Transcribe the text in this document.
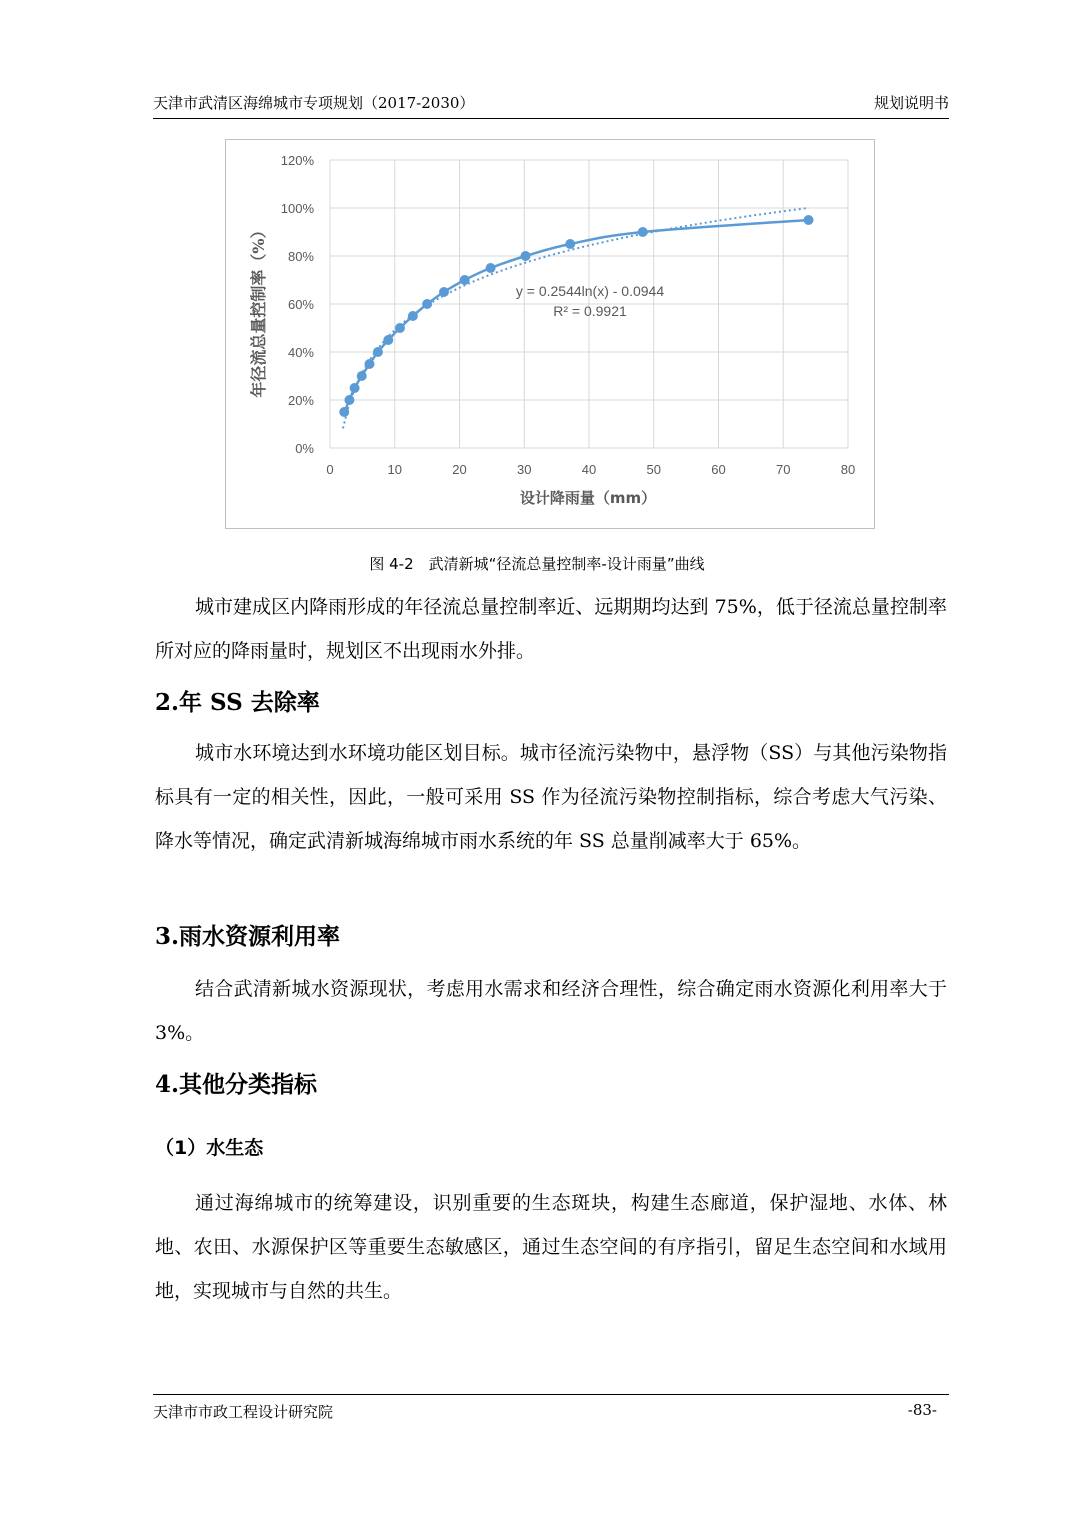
天津市武清区海绵城市专项规划（2017-2030）	规划说明书
0%
20%
40%
60%
80%
100%
120%
0	10	20	30	40	50	60	70	80
y = 0.2544ln(x) - 0.0944
R² = 0.9921
设计降雨量（mm）
年径流总量控制率（%）
图 4-2　武清新城“径流总量控制率-设计雨量”曲线

城市建成区内降雨形成的年径流总量控制率近、远期期均达到 75%，低于径流总量控制率所对应的降雨量时，规划区不出现雨水外排。

2.年 SS 去除率

城市水环境达到水环境功能区划目标。城市径流污染物中，悬浮物（SS）与其他污染物指标具有一定的相关性，因此，一般可采用 SS 作为径流污染物控制指标，综合考虑大气污染、降水等情况，确定武清新城海绵城市雨水系统的年 SS 总量削减率大于 65%。

3.雨水资源利用率

结合武清新城水资源现状，考虑用水需求和经济合理性，综合确定雨水资源化利用率大于 3%。

4.其他分类指标
（1）水生态

通过海绵城市的统筹建设，识别重要的生态斑块，构建生态廊道，保护湿地、水体、林地、农田、水源保护区等重要生态敏感区，通过生态空间的有序指引，留足生态空间和水域用地，实现城市与自然的共生。

天津市市政工程设计研究院	-83-
